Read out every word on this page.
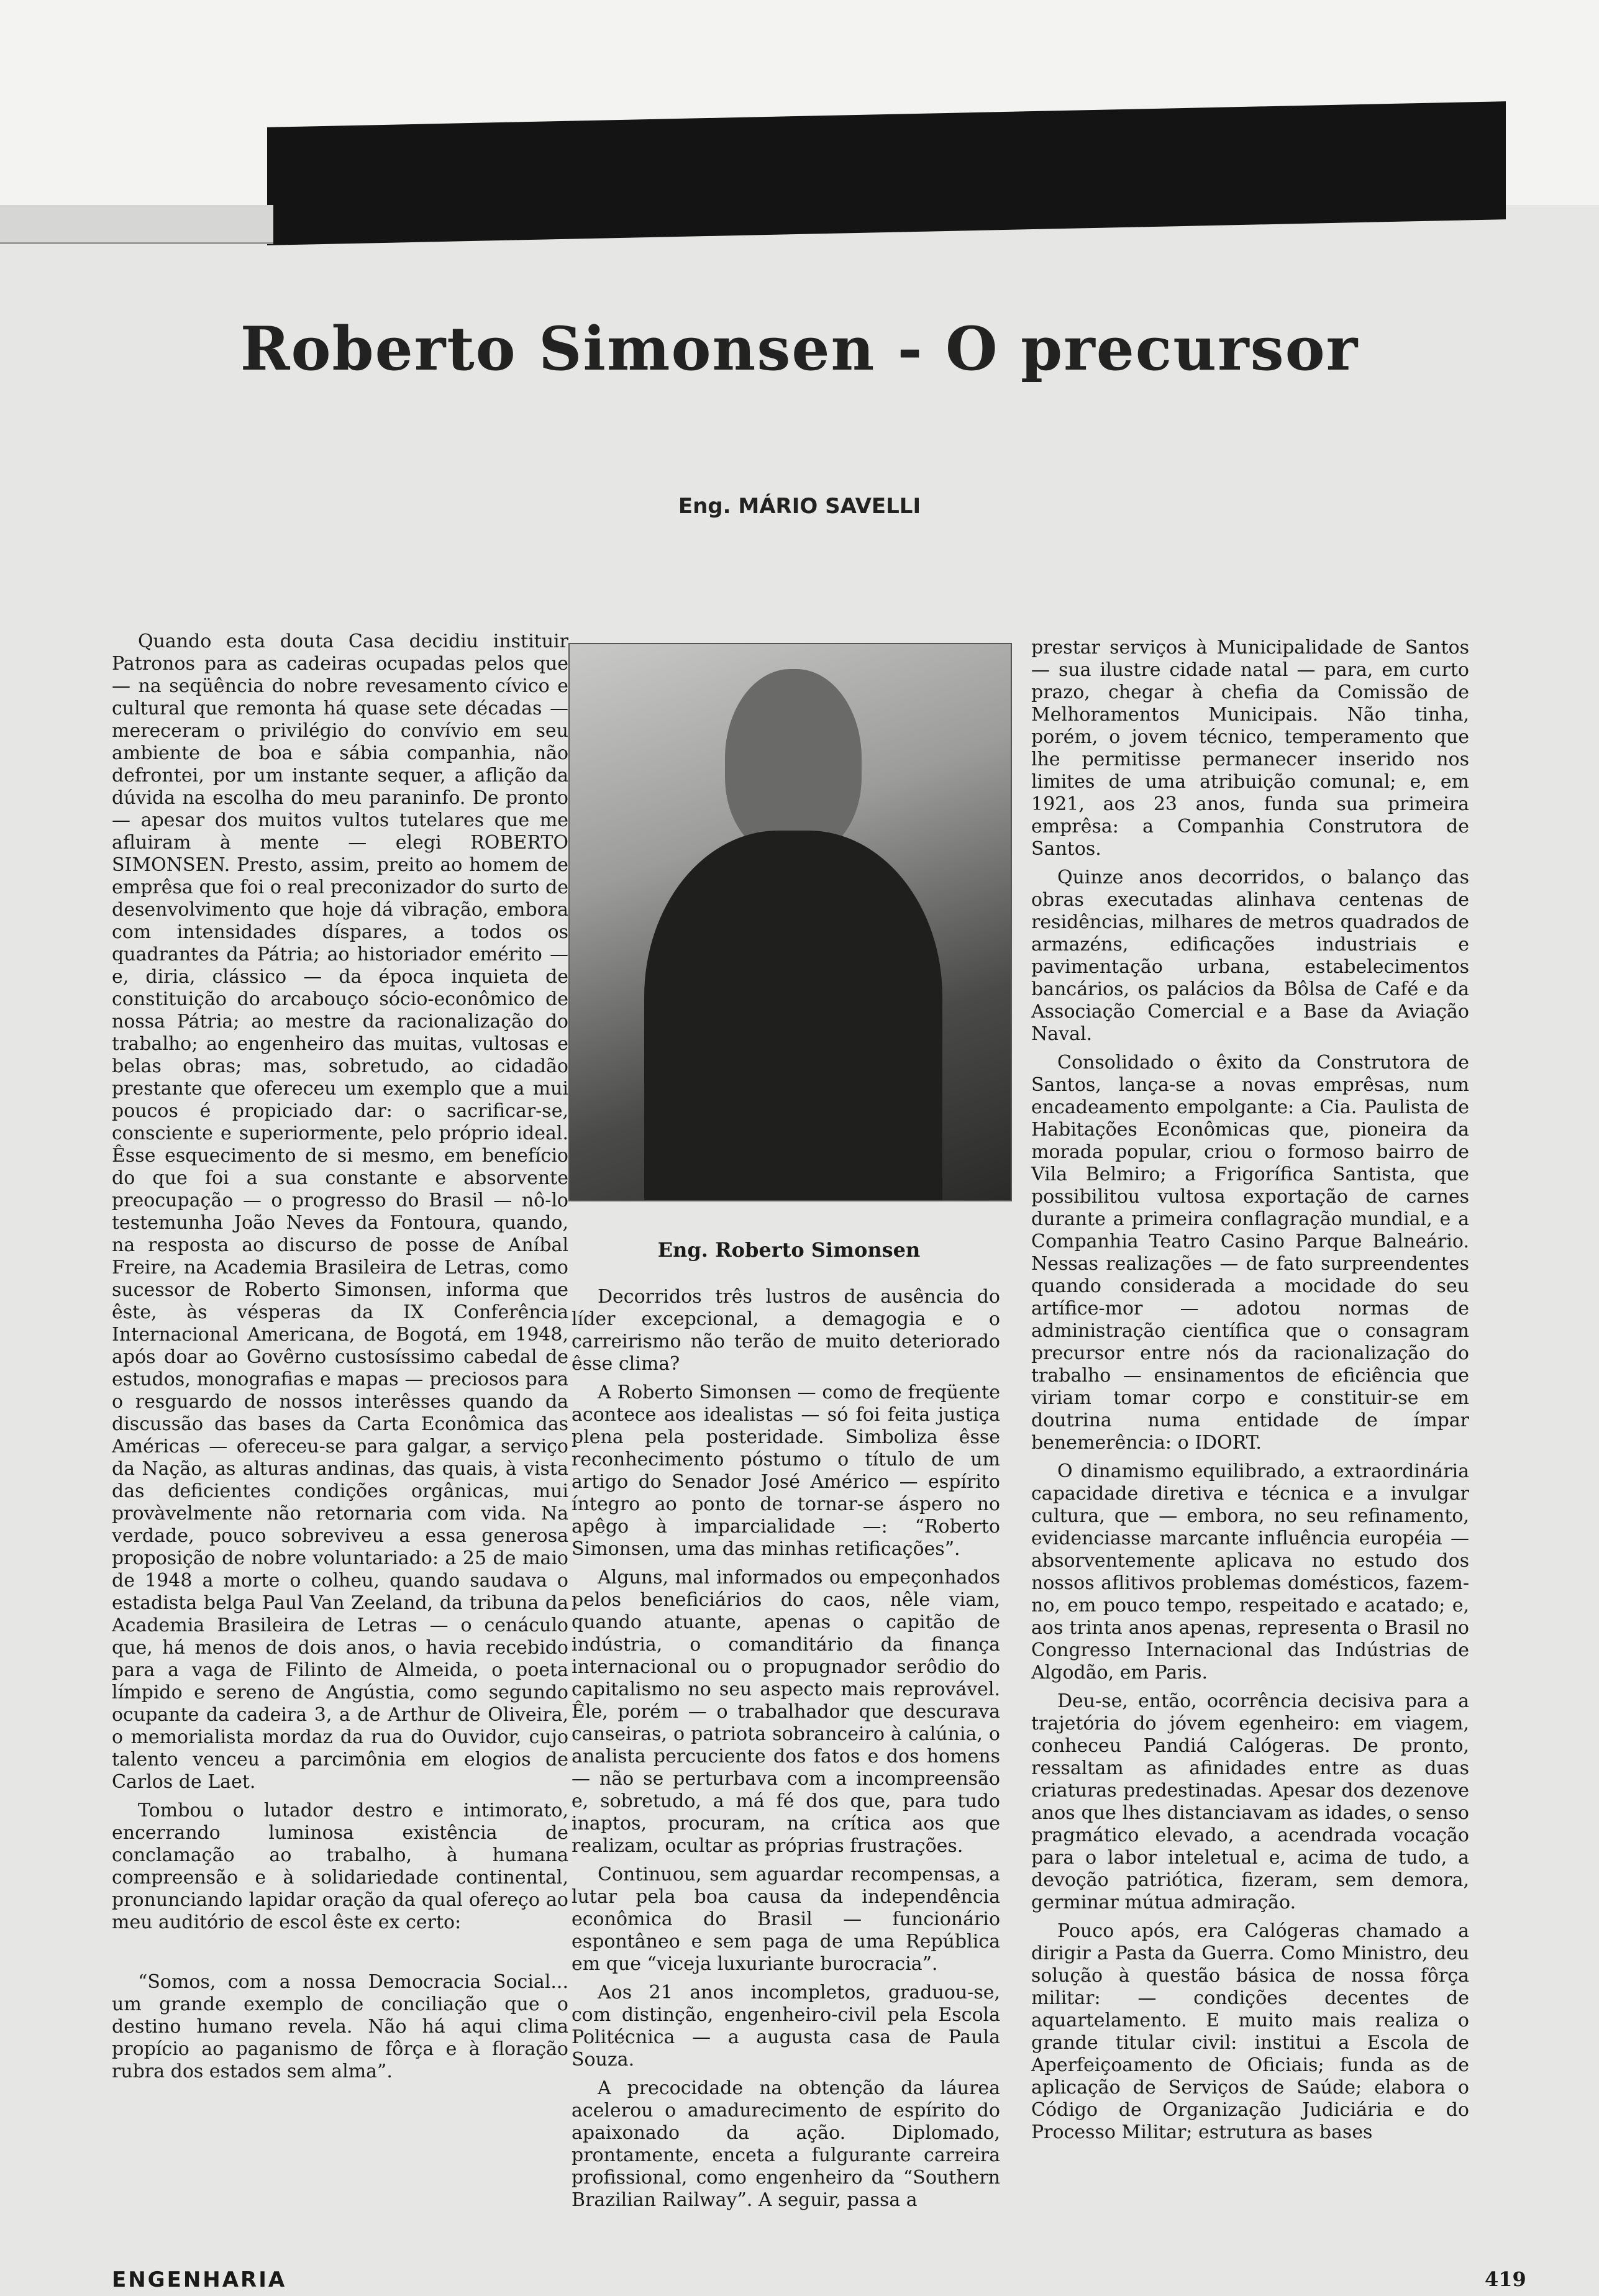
Roberto Simonsen - O precursor
Eng. MÁRIO SAVELLI

Quando esta douta Casa decidiu instituir Patronos para as cadeiras ocupadas pelos que — na seqüência do nobre revesamento cívico e cultural que remonta há quase sete décadas — mereceram o privilégio do convívio em seu ambiente de boa e sábia companhia, não defrontei, por um instante sequer, a aflição da dúvida na escolha do meu paraninfo. De pronto — apesar dos muitos vultos tutelares que me afluiram à mente — elegi ROBERTO SIMONSEN. Presto, assim, preito ao homem de emprêsa que foi o real preconizador do surto de desenvolvimento que hoje dá vibração, embora com intensidades díspares, a todos os quadrantes da Pátria; ao historiador emérito — e, diria, clássico — da época inquieta de constituição do arcabouço sócio-econômico de nossa Pátria; ao mestre da racionalização do trabalho; ao engenheiro das muitas, vultosas e belas obras; mas, sobretudo, ao cidadão prestante que ofereceu um exemplo que a mui poucos é propiciado dar: o sacrificar-se, consciente e superiormente, pelo próprio ideal. Êsse esquecimento de si mesmo, em benefício do que foi a sua constante e absorvente preocupação — o progresso do Brasil — nô-lo testemunha João Neves da Fontoura, quando, na resposta ao discurso de posse de Aníbal Freire, na Academia Brasileira de Letras, como sucessor de Roberto Simonsen, informa que êste, às vésperas da IX Conferência Internacional Americana, de Bogotá, em 1948, após doar ao Govêrno custosíssimo cabedal de estudos, monografias e mapas — preciosos para o resguardo de nossos interêsses quando da discussão das bases da Carta Econômica das Américas — ofereceu-se para galgar, a serviço da Nação, as alturas andinas, das quais, à vista das deficientes condições orgânicas, mui provàvelmente não retornaria com vida. Na verdade, pouco sobreviveu a essa generosa proposição de nobre voluntariado: a 25 de maio de 1948 a morte o colheu, quando saudava o estadista belga Paul Van Zeeland, da tribuna da Academia Brasileira de Letras — o cenáculo que, há menos de dois anos, o havia recebido para a vaga de Filinto de Almeida, o poeta límpido e sereno de Angústia, como segundo ocupante da cadeira 3, a de Arthur de Oliveira, o memorialista mordaz da rua do Ouvidor, cujo talento venceu a parcimônia em elogios de Carlos de Laet.

Tombou o lutador destro e intimorato, encerrando luminosa existência de conclamação ao trabalho, à humana compreensão e à solidariedade continental, pronunciando lapidar oração da qual ofereço ao meu auditório de escol êste ex certo:

“Somos, com a nossa Democracia Social... um grande exemplo de conciliação que o destino humano revela. Não há aqui clima propício ao paganismo de fôrça e à floração rubra dos estados sem alma”.

Eng. Roberto Simonsen

Decorridos três lustros de ausência do líder excepcional, a demagogia e o carreirismo não terão de muito deteriorado êsse clima?

A Roberto Simonsen — como de freqüente acontece aos idealistas — só foi feita justiça plena pela posteridade. Simboliza êsse reconhecimento póstumo o título de um artigo do Senador José Américo — espírito íntegro ao ponto de tornar-se áspero no apêgo à imparcialidade —: “Roberto Simonsen, uma das minhas retificações”.

Alguns, mal informados ou empeçonhados pelos beneficiários do caos, nêle viam, quando atuante, apenas o capitão de indústria, o comanditário da finança internacional ou o propugnador serôdio do capitalismo no seu aspecto mais reprovável. Êle, porém — o trabalhador que descurava canseiras, o patriota sobranceiro à calúnia, o analista percuciente dos fatos e dos homens — não se perturbava com a incompreensão e, sobretudo, a má fé dos que, para tudo inaptos, procuram, na crítica aos que realizam, ocultar as próprias frustrações.

Continuou, sem aguardar recompensas, a lutar pela boa causa da independência econômica do Brasil — funcionário espontâneo e sem paga de uma República em que “viceja luxuriante burocracia”.

Aos 21 anos incompletos, graduou-se, com distinção, engenheiro-civil pela Escola Politécnica — a augusta casa de Paula Souza.

A precocidade na obtenção da láurea acelerou o amadurecimento de espírito do apaixonado da ação. Diplomado, prontamente, enceta a fulgurante carreira profissional, como engenheiro da “Southern Brazilian Railway”. A seguir, passa a

prestar serviços à Municipalidade de Santos — sua ilustre cidade natal — para, em curto prazo, chegar à chefia da Comissão de Melhoramentos Municipais. Não tinha, porém, o jovem técnico, temperamento que lhe permitisse permanecer inserido nos limites de uma atribuição comunal; e, em 1921, aos 23 anos, funda sua primeira emprêsa: a Companhia Construtora de Santos.

Quinze anos decorridos, o balanço das obras executadas alinhava centenas de residências, milhares de metros quadrados de armazéns, edificações industriais e pavimentação urbana, estabelecimentos bancários, os palácios da Bôlsa de Café e da Associação Comercial e a Base da Aviação Naval.

Consolidado o êxito da Construtora de Santos, lança-se a novas emprêsas, num encadeamento empolgante: a Cia. Paulista de Habitações Econômicas que, pioneira da morada popular, criou o formoso bairro de Vila Belmiro; a Frigorífica Santista, que possibilitou vultosa exportação de carnes durante a primeira conflagração mundial, e a Companhia Teatro Casino Parque Balneário. Nessas realizações — de fato surpreendentes quando considerada a mocidade do seu artífice-mor — adotou normas de administração científica que o consagram precursor entre nós da racionalização do trabalho — ensinamentos de eficiência que viriam tomar corpo e constituir-se em doutrina numa entidade de ímpar benemerência: o IDORT.

O dinamismo equilibrado, a extraordinária capacidade diretiva e técnica e a invulgar cultura, que — embora, no seu refinamento, evidenciasse marcante influência européia — absorventemente aplicava no estudo dos nossos aflitivos problemas domésticos, fazem-no, em pouco tempo, respeitado e acatado; e, aos trinta anos apenas, representa o Brasil no Congresso Internacional das Indústrias de Algodão, em Paris.

Deu-se, então, ocorrência decisiva para a trajetória do jóvem egenheiro: em viagem, conheceu Pandiá Calógeras. De pronto, ressaltam as afinidades entre as duas criaturas predestinadas. Apesar dos dezenove anos que lhes distanciavam as idades, o senso pragmático elevado, a acendrada vocação para o labor inteletual e, acima de tudo, a devoção patriótica, fizeram, sem demora, germinar mútua admiração.

Pouco após, era Calógeras chamado a dirigir a Pasta da Guerra. Como Ministro, deu solução à questão básica de nossa fôrça militar: — condições decentes de aquartelamento. E muito mais realiza o grande titular civil: institui a Escola de Aperfeiçoamento de Oficiais; funda as de aplicação de Serviços de Saúde; elabora o Código de Organização Judiciária e do Processo Militar; estrutura as bases

ENGENHARIA	419
